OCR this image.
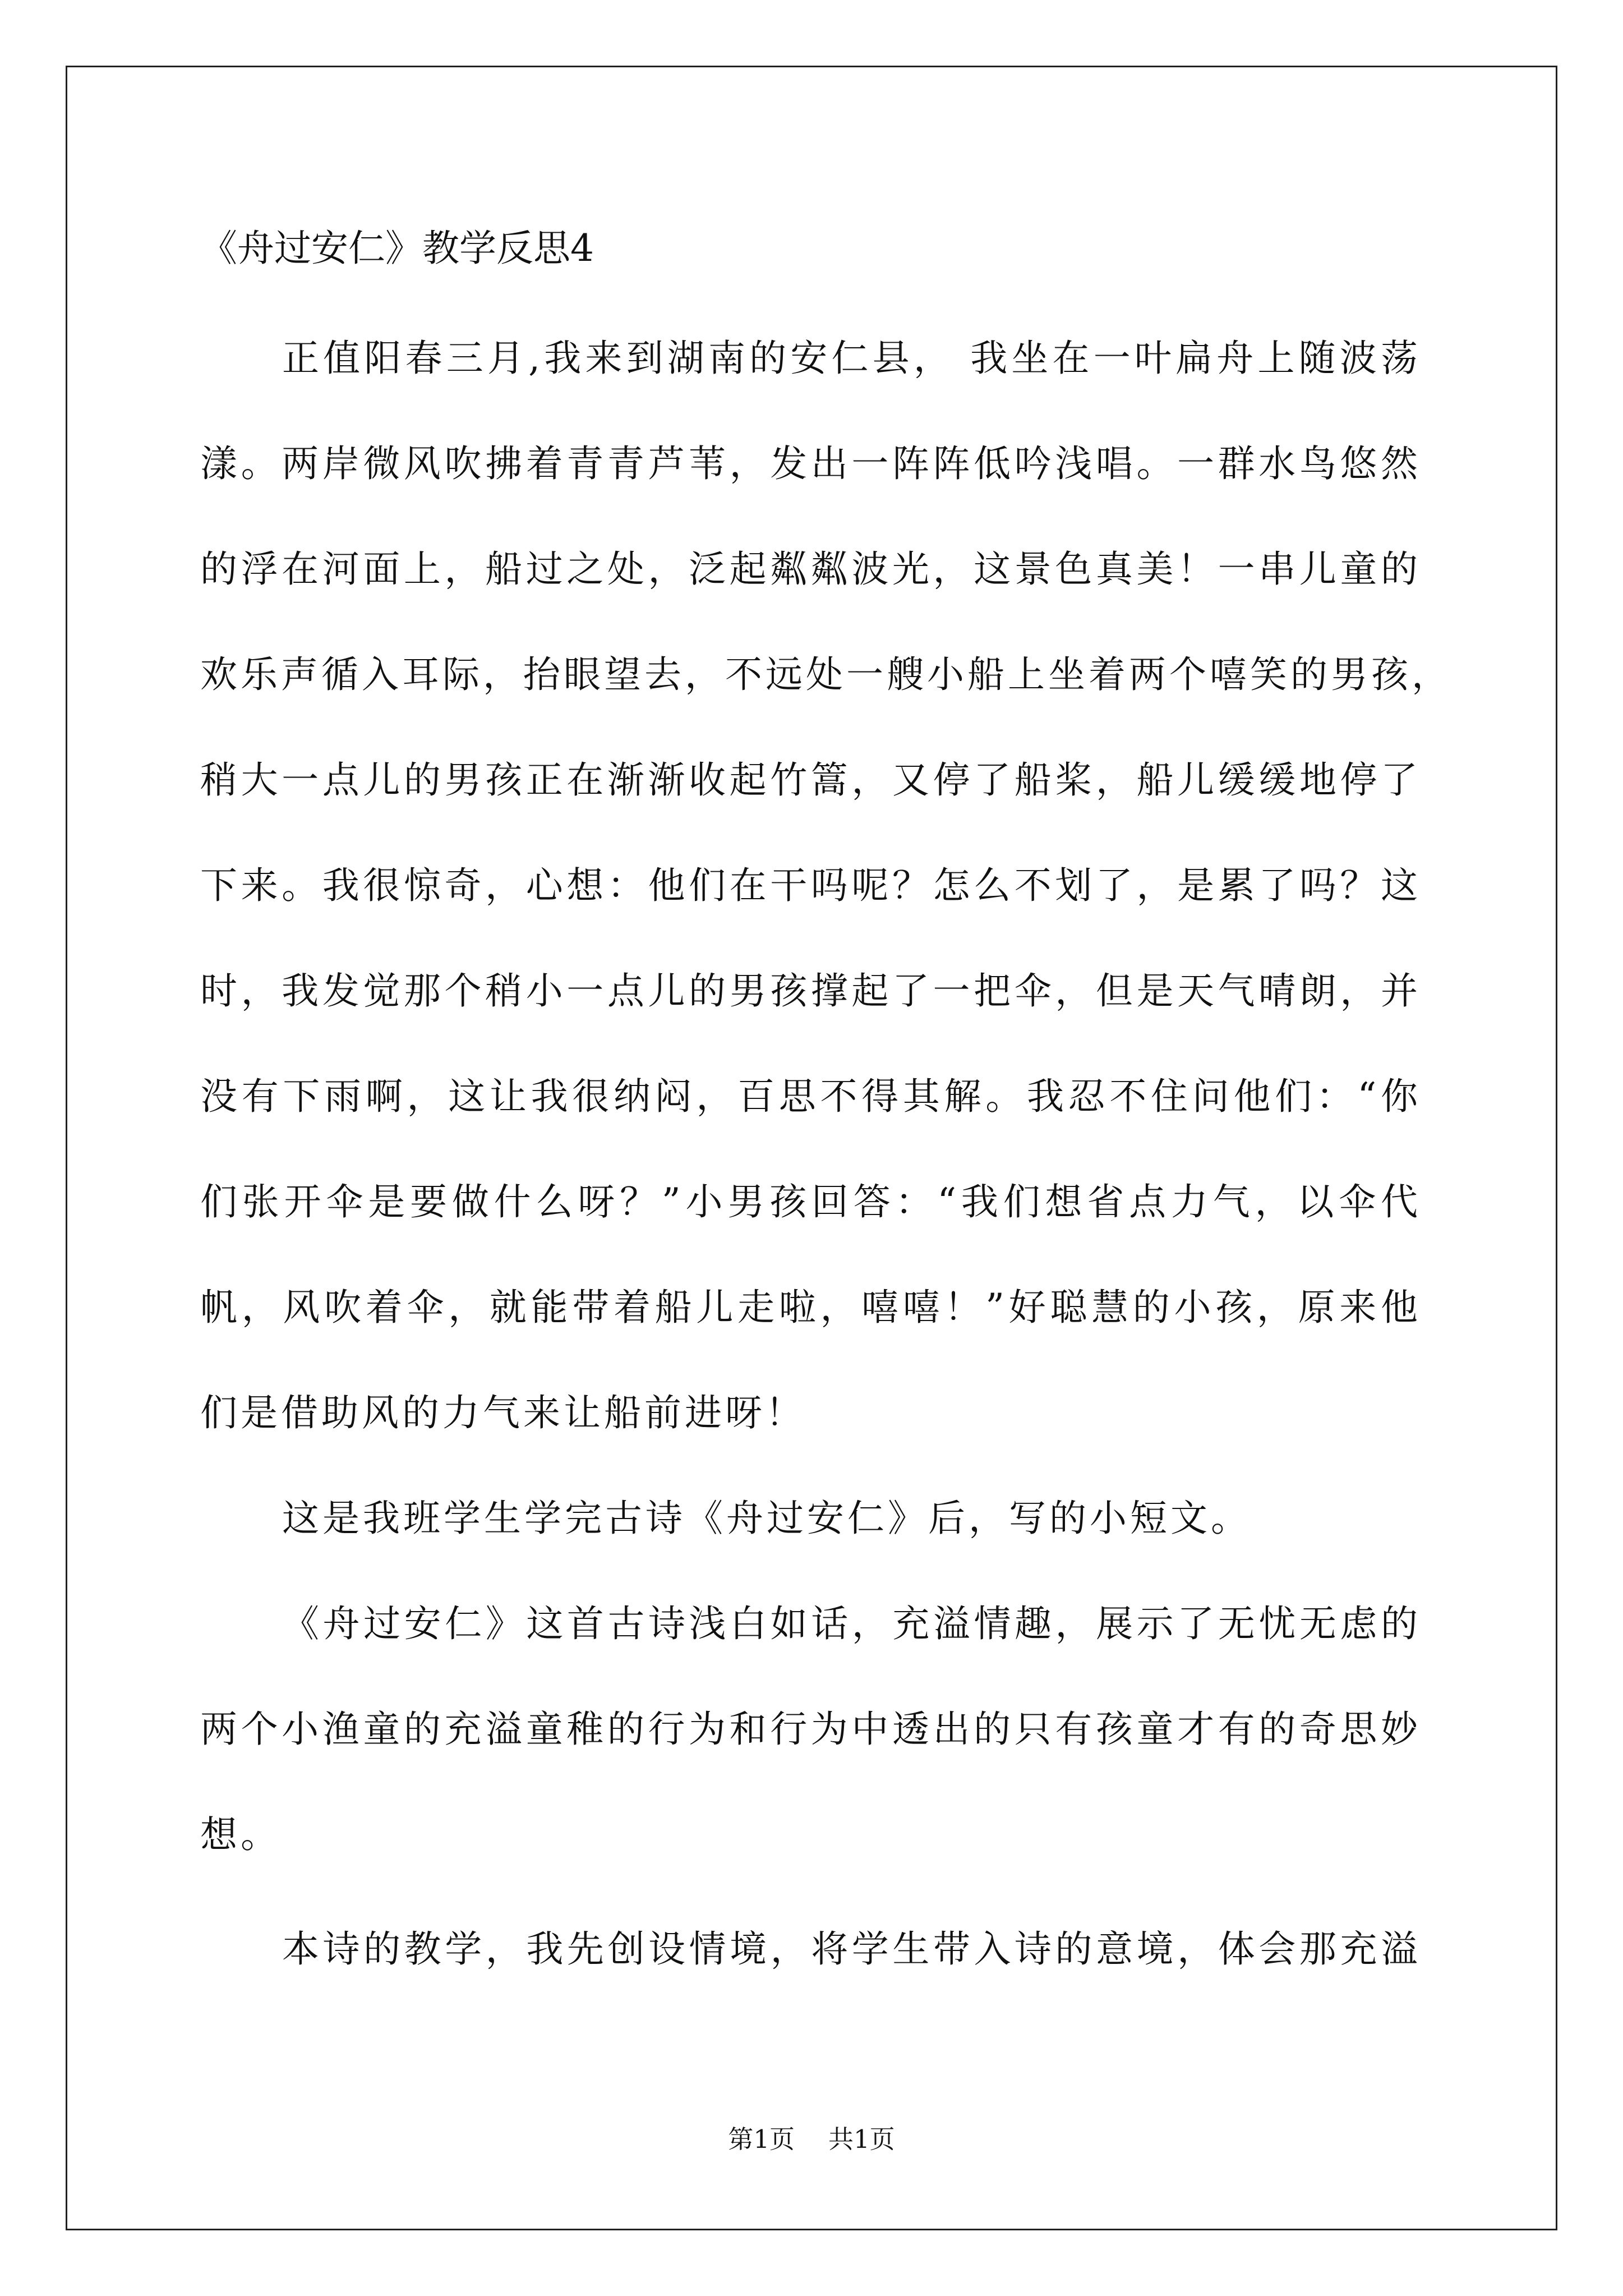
《舟过安仁》教学反思4
正值阳春三月,我来到湖南的安仁县， 我坐在一叶扁舟上随波荡
漾。两岸微风吹拂着青青芦苇，发出一阵阵低吟浅唱。一群水鸟悠然
的浮在河面上，船过之处，泛起粼粼波光，这景色真美！一串儿童的
欢乐声循入耳际，抬眼望去，不远处一艘小船上坐着两个嘻笑的男孩，
稍大一点儿的男孩正在渐渐收起竹篙，又停了船桨，船儿缓缓地停了
下来。我很惊奇，心想：他们在干吗呢？怎么不划了，是累了吗？这
时，我发觉那个稍小一点儿的男孩撑起了一把伞，但是天气晴朗，并
没有下雨啊，这让我很纳闷，百思不得其解。我忍不住问他们：“你
们张开伞是要做什么呀？”小男孩回答：“我们想省点力气，以伞代
帆，风吹着伞，就能带着船儿走啦，嘻嘻！”好聪慧的小孩，原来他
们是借助风的力气来让船前进呀！
这是我班学生学完古诗《舟过安仁》后，写的小短文。
《舟过安仁》这首古诗浅白如话，充溢情趣，展示了无忧无虑的
两个小渔童的充溢童稚的行为和行为中透出的只有孩童才有的奇思妙
想。
本诗的教学，我先创设情境，将学生带入诗的意境，体会那充溢
第1页 共1页
